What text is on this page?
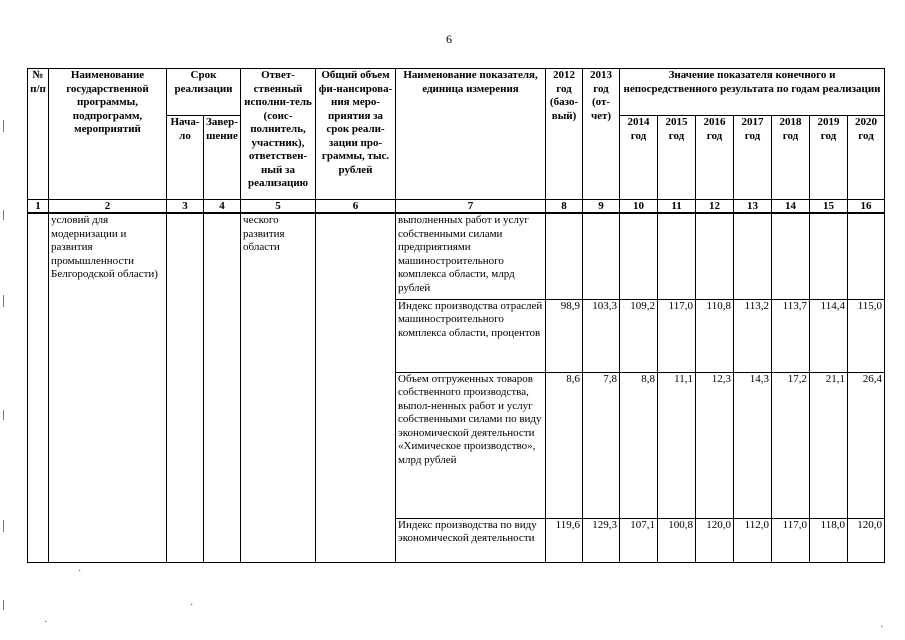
6
№ п/п	Наименование государственной программы, подпрограмм, мероприятий	Срок реализации		Ответ-ственный исполни-тель (соис-полнитель, участник), ответствен-ный за реализацию	Общий объем фи-нансирова-ния меро-приятия за срок реали-зации про-граммы, тыс. рублей	Наименование показателя, единица измерения	2012 год (базо-вый)	2013 год (от-чет)	Значение показателя конечного и непосредственного результата по годам реализации						
		Нача-ло	Завер-шение						2014 год	2015 год	2016 год	2017 год	2018 год	2019 год	2020 год
1	2	3	4	5	6	7	8	9	10	11	12	13	14	15	16
	условий для модернизации и развития промышленности Белгородской области)			ческого развития области		выполненных работ и услуг собственными силами предприятиями машиностроительного комплекса области, млрд рублей									
						Индекс производства отраслей машиностроительного комплекса области, процентов	98,9	103,3	109,2	117,0	110,8	113,2	113,7	114,4	115,0
						Объем отгруженных товаров собственного производства, выпол-ненных работ и услуг собственными силами по виду экономической деятельности «Химическое производство», млрд рублей	8,6	7,8	8,8	11,1	12,3	14,3	17,2	21,1	26,4
						Индекс производства по виду экономической деятельности	119,6	129,3	107,1	100,8	120,0	112,0	117,0	118,0	120,0
·
·
·
·
